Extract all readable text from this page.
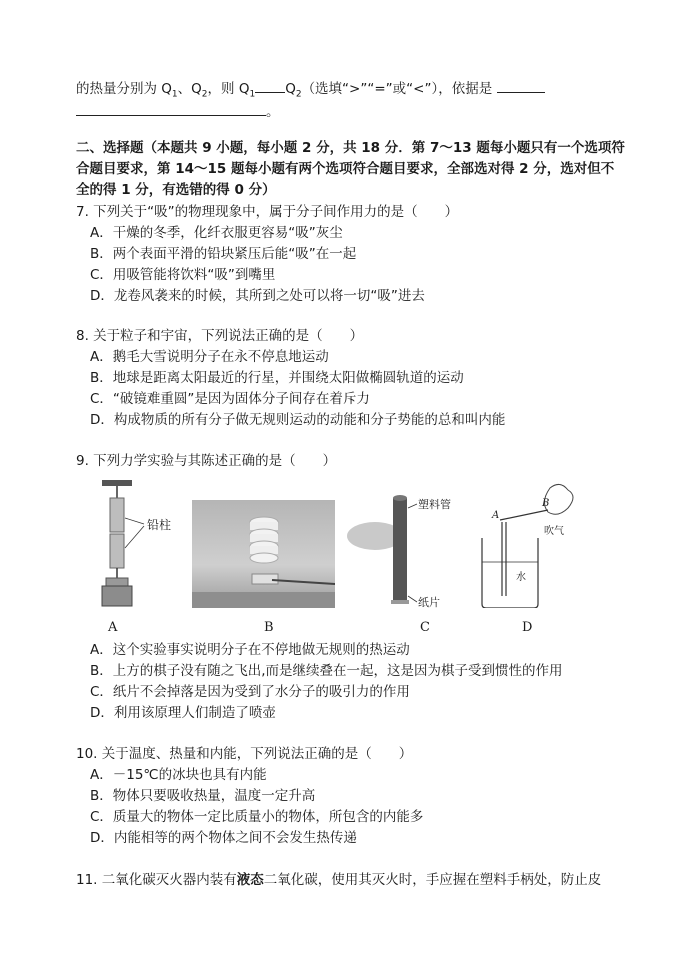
的热量分别为 $Q_1$、$Q_2$，则 $Q_1$ $Q_2$（选填“>”“=”或“<”），依据是
。
二、选择题（本题共 9 小题，每小题 2 分，共 18 分．第 7～13 题每小题只有一个选项符
合题目要求，第 14～15 题每小题有两个选项符合题目要求，全部选对得 2 分，选对但不
全的得 1 分，有选错的得 0 分）
7. 下列关于“吸”的物理现象中，属于分子间作用力的是（　　）
A．干燥的冬季，化纤衣服更容易“吸”灰尘
B．两个表面平滑的铅块紧压后能“吸”在一起
C．用吸管能将饮料“吸”到嘴里
D．龙卷风袭来的时候，其所到之处可以将一切“吸”进去
8. 关于粒子和宇宙，下列说法正确的是（　　）
A．鹅毛大雪说明分子在永不停息地运动
B．地球是距离太阳最近的行星，并围绕太阳做椭圆轨道的运动
C．“破镜难重圆”是因为固体分子间存在着斥力
D．构成物质的所有分子做无规则运动的动能和分子势能的总和叫内能
9. 下列力学实验与其陈述正确的是（　　）
铅柱
塑料管
纸片
A
B
吹气
水
A	B	C	D
A．这个实验事实说明分子在不停地做无规则的热运动
B．上方的棋子没有随之飞出,而是继续叠在一起，这是因为棋子受到惯性的作用
C．纸片不会掉落是因为受到了水分子的吸引力的作用
D．利用该原理人们制造了喷壶
10. 关于温度、热量和内能，下列说法正确的是（　　）
A．－15℃的冰块也具有内能
B．物体只要吸收热量，温度一定升高
C．质量大的物体一定比质量小的物体，所包含的内能多
D．内能相等的两个物体之间不会发生热传递
11. 二氧化碳灭火器内装有液态二氧化碳，使用其灭火时，手应握在塑料手柄处，防止皮
